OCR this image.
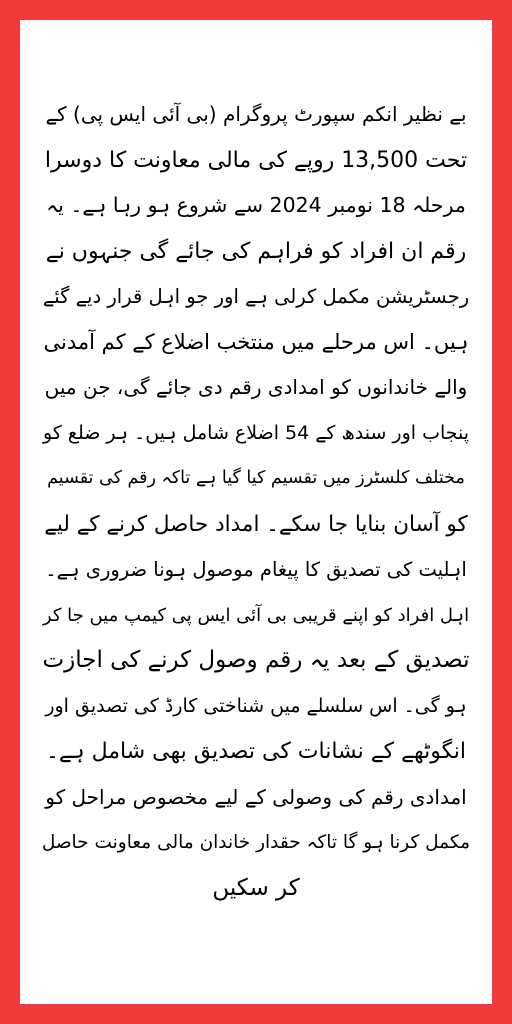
بے نظیر انکم سپورٹ پروگرام (بی آئی ایس پی) کے
تحت 13,500 روپے کی مالی معاونت کا دوسرا
مرحلہ 18 نومبر 2024 سے شروع ہو رہا ہے۔ یہ
رقم ان افراد کو فراہم کی جائے گی جنہوں نے
رجسٹریشن مکمل کرلی ہے اور جو اہل قرار دیے گئے
ہیں۔ اس مرحلے میں منتخب اضلاع کے کم آمدنی
والے خاندانوں کو امدادی رقم دی جائے گی، جن میں
پنجاب اور سندھ کے 54 اضلاع شامل ہیں۔ ہر ضلع کو
مختلف کلسٹرز میں تقسیم کیا گیا ہے تاکہ رقم کی تقسیم
کو آسان بنایا جا سکے۔ امداد حاصل کرنے کے لیے
اہلیت کی تصدیق کا پیغام موصول ہونا ضروری ہے۔
اہل افراد کو اپنے قریبی بی آئی ایس پی کیمپ میں جا کر
تصدیق کے بعد یہ رقم وصول کرنے کی اجازت
ہو گی۔ اس سلسلے میں شناختی کارڈ کی تصدیق اور
انگوٹھے کے نشانات کی تصدیق بھی شامل ہے۔
امدادی رقم کی وصولی کے لیے مخصوص مراحل کو
مکمل کرنا ہو گا تاکہ حقدار خاندان مالی معاونت حاصل
کر سکیں
